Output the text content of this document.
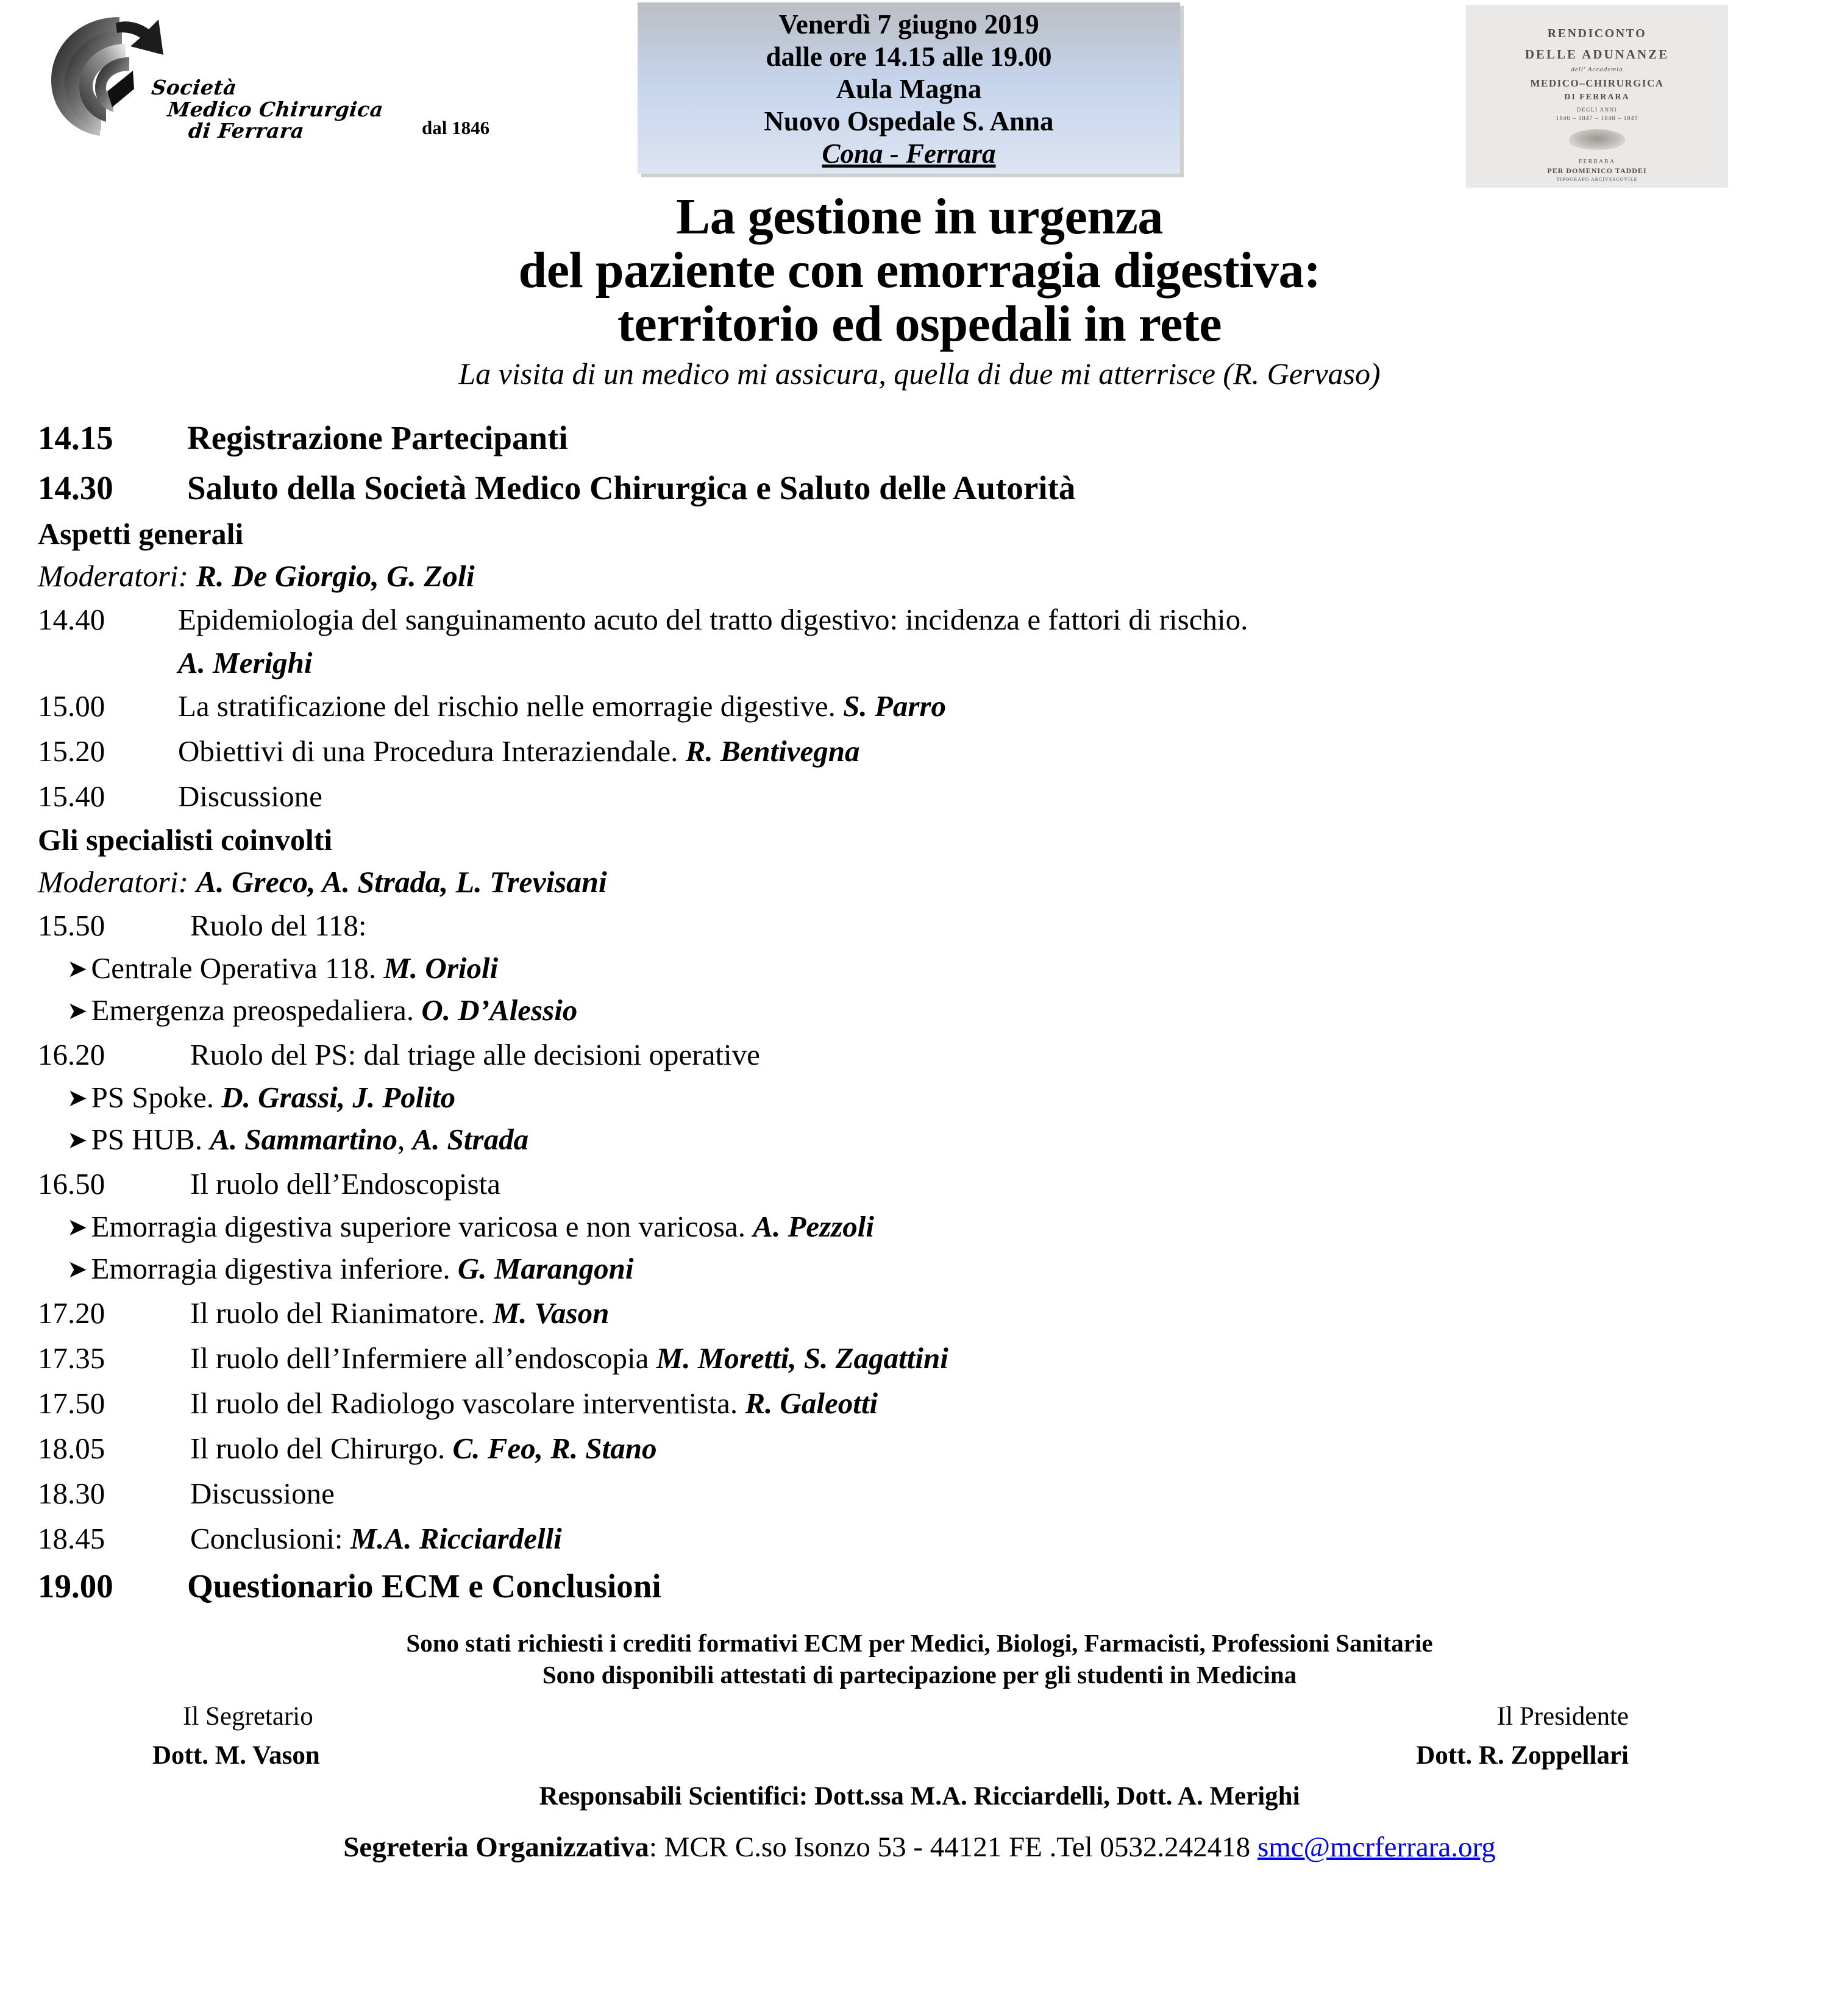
Società
Medico Chirurgica
di Ferrara	dal 1846
Venerdì 7 giugno 2019
dalle ore 14.15 alle 19.00
Aula Magna
Nuovo Ospedale S. Anna
Cona - Ferrara
RENDICONTO
DELLE ADUNANZE
dell' Accademia
MEDICO–CHIRURGICA
DI FERRARA
DEGLI ANNI
1846 – 1847 – 1848 – 1849
FERRARA
PER DOMENICO TADDEI
TIPOGRAFO ARCIVESCOVILE
La gestione in urgenza
del paziente con emorragia digestiva:
territorio ed ospedali in rete
La visita di un medico mi assicura, quella di due mi atterrisce (R. Gervaso)
14.15	Registrazione Partecipanti
14.30	Saluto della Società Medico Chirurgica e Saluto delle Autorità
Aspetti generali
Moderatori: R. De Giorgio, G. Zoli
14.40	Epidemiologia del sanguinamento acuto del tratto digestivo: incidenza e fattori di rischio.
A. Merighi
15.00	La stratificazione del rischio nelle emorragie digestive. S. Parro
15.20	Obiettivi di una Procedura Interaziendale. R. Bentivegna
15.40	Discussione
Gli specialisti coinvolti
Moderatori: A. Greco, A. Strada, L. Trevisani
15.50	Ruolo del 118:
➤ Centrale Operativa 118. M. Orioli
➤ Emergenza preospedaliera. O. D’Alessio
16.20	Ruolo del PS: dal triage alle decisioni operative
➤ PS Spoke. D. Grassi, J. Polito
➤ PS HUB. A. Sammartino, A. Strada
16.50	Il ruolo dell’Endoscopista
➤ Emorragia digestiva superiore varicosa e non varicosa. A. Pezzoli
➤ Emorragia digestiva inferiore. G. Marangoni
17.20	Il ruolo del Rianimatore. M. Vason
17.35	Il ruolo dell’Infermiere all’endoscopia M. Moretti, S. Zagattini
17.50	Il ruolo del Radiologo vascolare interventista. R. Galeotti
18.05	Il ruolo del Chirurgo. C. Feo, R. Stano
18.30	Discussione
18.45	Conclusioni: M.A. Ricciardelli
19.00	Questionario ECM e Conclusioni
Sono stati richiesti i crediti formativi ECM per Medici, Biologi, Farmacisti, Professioni Sanitarie
Sono disponibili attestati di partecipazione per gli studenti in Medicina
Il Segretario	Il Presidente
Dott. M. Vason	Dott. R. Zoppellari
Responsabili Scientifici: Dott.ssa M.A. Ricciardelli, Dott. A. Merighi
Segreteria Organizzativa: MCR C.so Isonzo 53 - 44121 FE .Tel 0532.242418 smc@mcrferrara.org
